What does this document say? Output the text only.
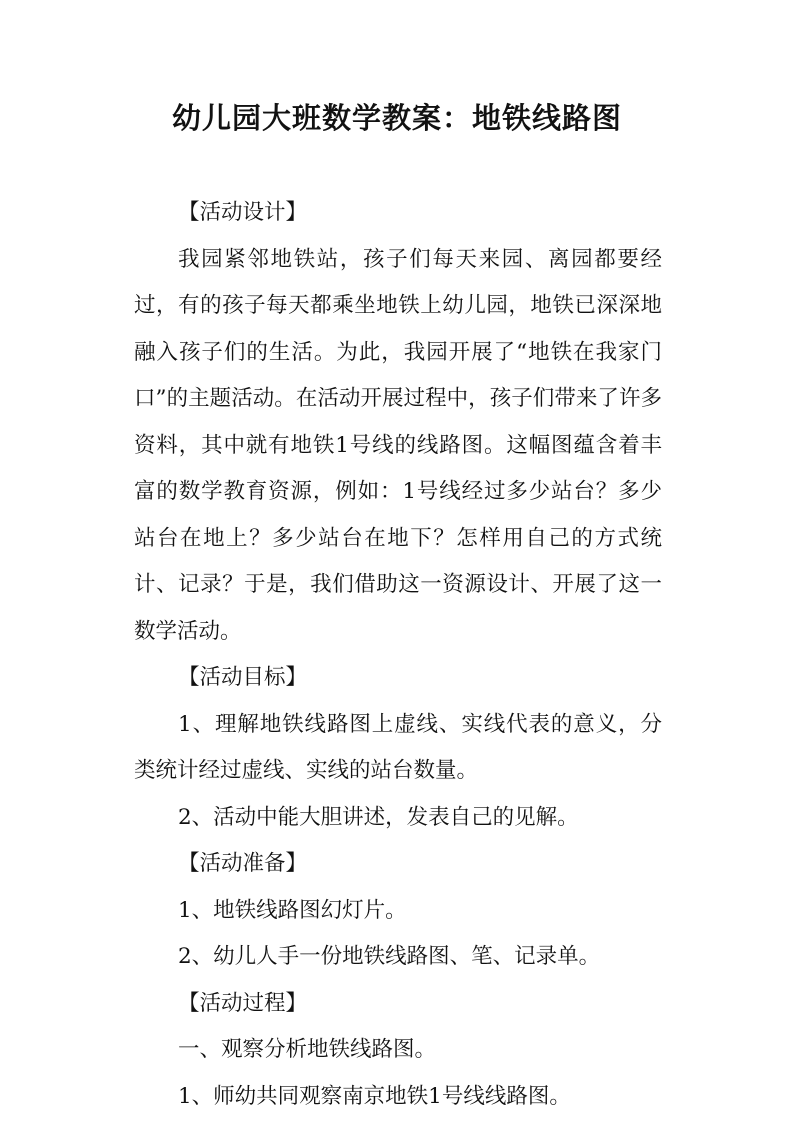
幼儿园大班数学教案：地铁线路图

【活动设计】

我园紧邻地铁站，孩子们每天来园、离园都要经过，有的孩子每天都乘坐地铁上幼儿园，地铁已深深地融入孩子们的生活。为此，我园开展了“地铁在我家门口”的主题活动。在活动开展过程中，孩子们带来了许多资料，其中就有地铁1号线的线路图。这幅图蕴含着丰富的数学教育资源，例如：1号线经过多少站台？多少站台在地上？多少站台在地下？怎样用自己的方式统计、记录？于是，我们借助这一资源设计、开展了这一数学活动。

【活动目标】

1、理解地铁线路图上虚线、实线代表的意义，分类统计经过虚线、实线的站台数量。

2、活动中能大胆讲述，发表自己的见解。

【活动准备】

1、地铁线路图幻灯片。

2、幼儿人手一份地铁线路图、笔、记录单。

【活动过程】

一、观察分析地铁线路图。

1、师幼共同观察南京地铁1号线线路图。
